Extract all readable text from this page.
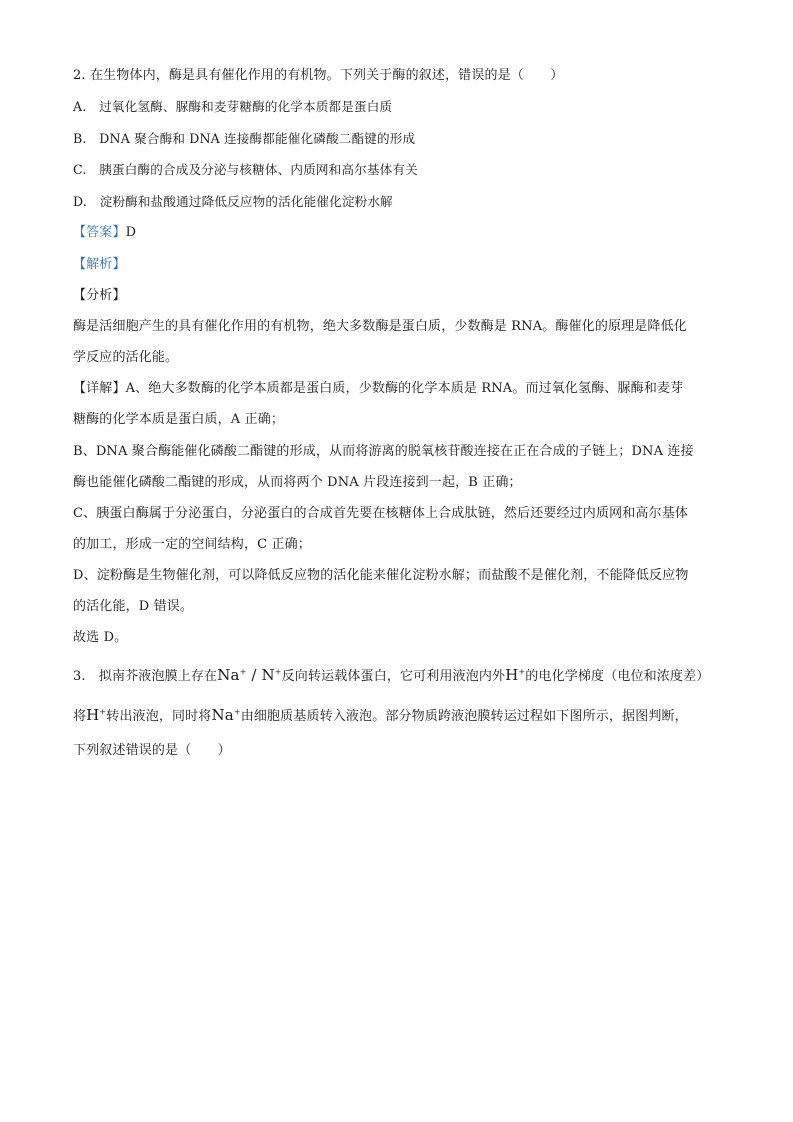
2. 在生物体内，酶是具有催化作用的有机物。下列关于酶的叙述，错误的是（　　）
A.　过氧化氢酶、脲酶和麦芽糖酶的化学本质都是蛋白质
B.　DNA 聚合酶和 DNA 连接酶都能催化磷酸二酯键的形成
C.　胰蛋白酶的合成及分泌与核糖体、内质网和高尔基体有关
D.　淀粉酶和盐酸通过降低反应物的活化能催化淀粉水解
【答案】D
【解析】
【分析】
酶是活细胞产生的具有催化作用的有机物，绝大多数酶是蛋白质，少数酶是 RNA。酶催化的原理是降低化
学反应的活化能。
【详解】A、绝大多数酶的化学本质都是蛋白质，少数酶的化学本质是 RNA。而过氧化氢酶、脲酶和麦芽
糖酶的化学本质是蛋白质，A 正确；
B、DNA 聚合酶能催化磷酸二酯键的形成，从而将游离的脱氧核苷酸连接在正在合成的子链上；DNA 连接
酶也能催化磷酸二酯键的形成，从而将两个 DNA 片段连接到一起，B 正确；
C、胰蛋白酶属于分泌蛋白，分泌蛋白的合成首先要在核糖体上合成肽链，然后还要经过内质网和高尔基体
的加工，形成一定的空间结构，C 正确；
D、淀粉酶是生物催化剂，可以降低反应物的活化能来催化淀粉水解；而盐酸不是催化剂，不能降低反应物
的活化能，D 错误。
故选 D。
3.　拟南芥液泡膜上存在Na+ / N+反向转运载体蛋白，它可利用液泡内外H+的电化学梯度（电位和浓度差）
将H+转出液泡，同时将Na+由细胞质基质转入液泡。部分物质跨液泡膜转运过程如下图所示，据图判断，
下列叙述错误的是（　　）
